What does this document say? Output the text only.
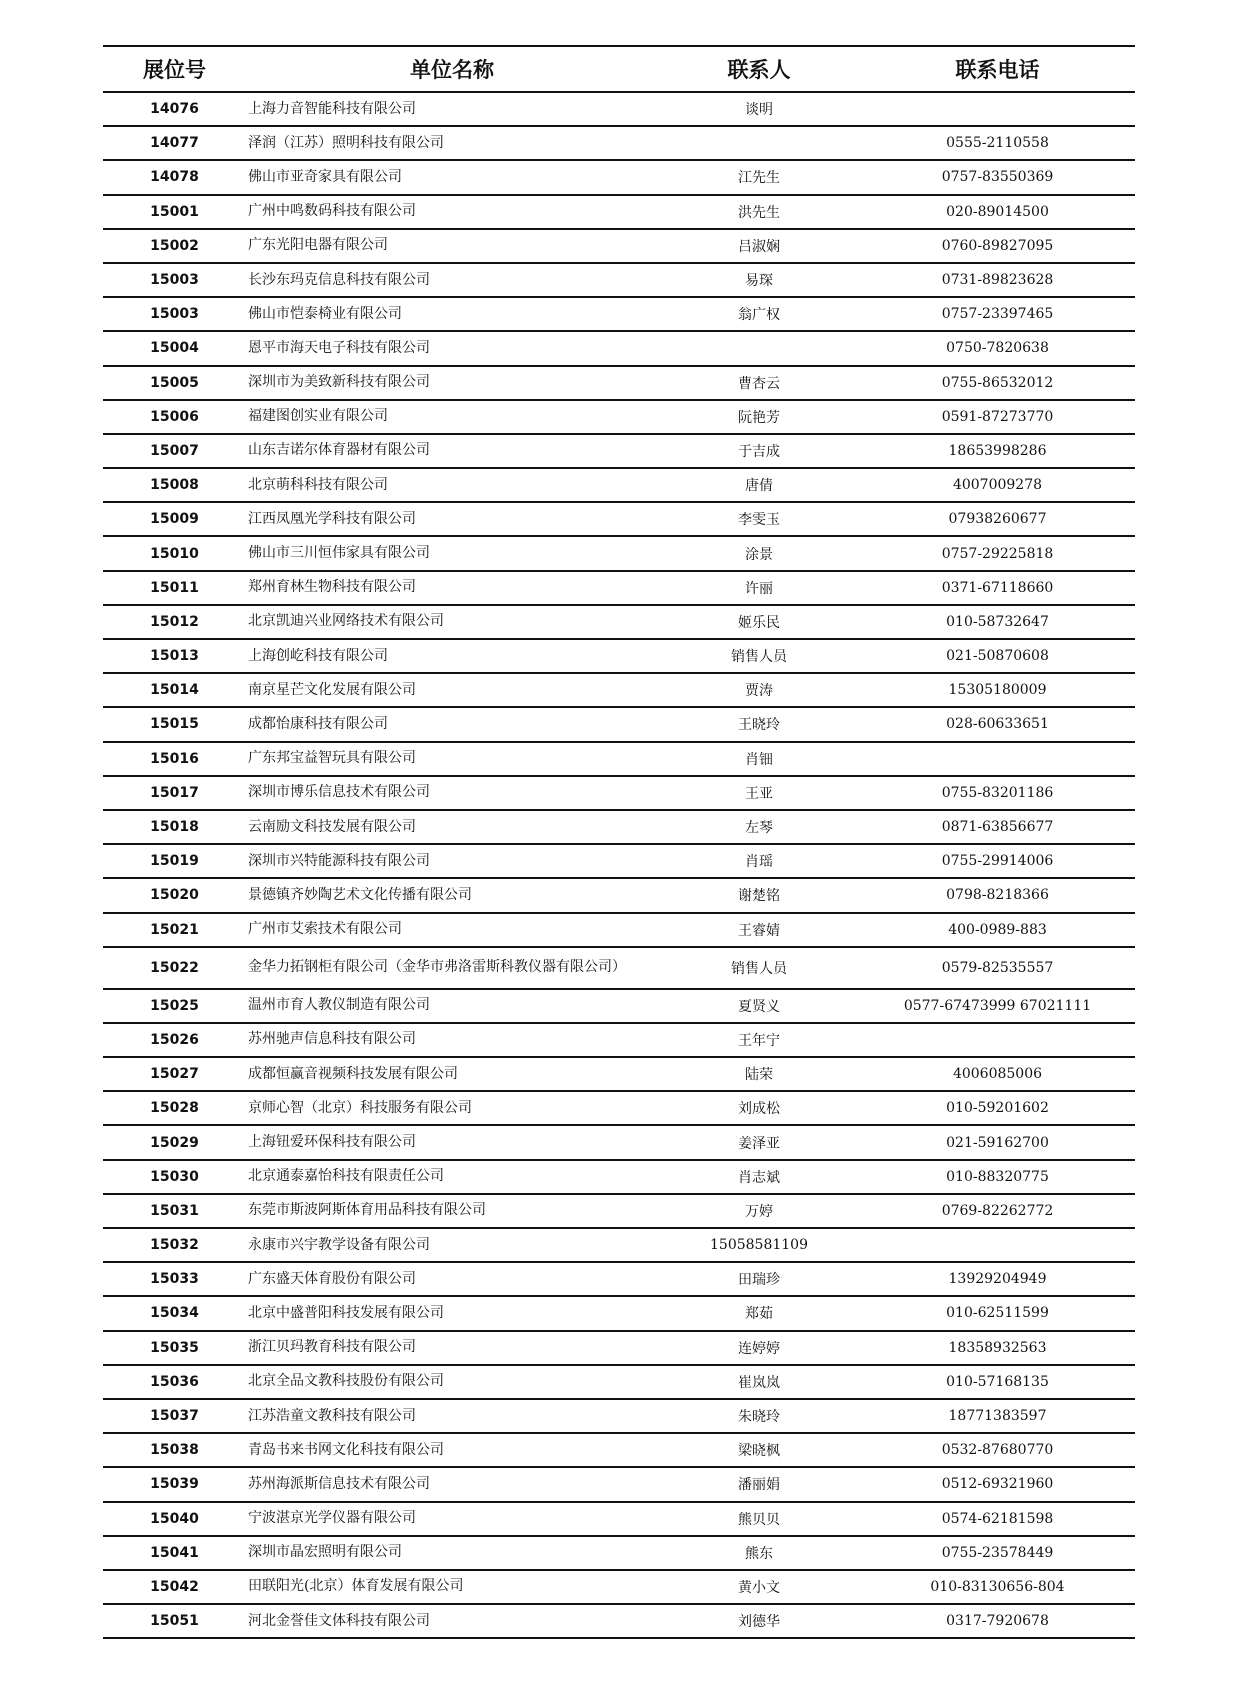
展位号	单位名称	联系人	联系电话
14076	上海力音智能科技有限公司	谈明	
14077	泽润（江苏）照明科技有限公司		0555-2110558
14078	佛山市亚奇家具有限公司	江先生	0757-83550369
15001	广州中鸣数码科技有限公司	洪先生	020-89014500
15002	广东光阳电器有限公司	吕淑娴	0760-89827095
15003	长沙东玛克信息科技有限公司	易琛	0731-89823628
15003	佛山市恺泰椅业有限公司	翁广权	0757-23397465
15004	恩平市海天电子科技有限公司		0750-7820638
15005	深圳市为美致新科技有限公司	曹杏云	0755-86532012
15006	福建图创实业有限公司	阮艳芳	0591-87273770
15007	山东吉诺尔体育器材有限公司	于吉成	18653998286
15008	北京萌科科技有限公司	唐倩	4007009278
15009	江西凤凰光学科技有限公司	李雯玉	07938260677
15010	佛山市三川恒伟家具有限公司	涂景	0757-29225818
15011	郑州育林生物科技有限公司	许丽	0371-67118660
15012	北京凯迪兴业网络技术有限公司	姬乐民	010-58732647
15013	上海创屹科技有限公司	销售人员	021-50870608
15014	南京星芒文化发展有限公司	贾涛	15305180009
15015	成都怡康科技有限公司	王晓玲	028-60633651
15016	广东邦宝益智玩具有限公司	肖钿	
15017	深圳市博乐信息技术有限公司	王亚	0755-83201186
15018	云南励文科技发展有限公司	左琴	0871-63856677
15019	深圳市兴特能源科技有限公司	肖瑶	0755-29914006
15020	景德镇齐妙陶艺术文化传播有限公司	谢楚铭	0798-8218366
15021	广州市艾索技术有限公司	王睿婧	400-0989-883
15022	金华力拓钢柜有限公司（金华市弗洛雷斯科教仪器有限公司）	销售人员	0579-82535557
15025	温州市育人教仪制造有限公司	夏贤义	0577-67473999 67021111
15026	苏州驰声信息科技有限公司	王年宁	
15027	成都恒赢音视频科技发展有限公司	陆荣	4006085006
15028	京师心智（北京）科技服务有限公司	刘成松	010-59201602
15029	上海钮爱环保科技有限公司	姜泽亚	021-59162700
15030	北京通泰嘉怡科技有限责任公司	肖志斌	010-88320775
15031	东莞市斯波阿斯体育用品科技有限公司	万婷	0769-82262772
15032	永康市兴宇教学设备有限公司	15058581109	
15033	广东盛天体育股份有限公司	田瑞珍	13929204949
15034	北京中盛普阳科技发展有限公司	郑茹	010-62511599
15035	浙江贝玛教育科技有限公司	连婷婷	18358932563
15036	北京全品文教科技股份有限公司	崔岚岚	010-57168135
15037	江苏浩童文教科技有限公司	朱晓玲	18771383597
15038	青岛书来书网文化科技有限公司	梁晓枫	0532-87680770
15039	苏州海派斯信息技术有限公司	潘丽娟	0512-69321960
15040	宁波湛京光学仪器有限公司	熊贝贝	0574-62181598
15041	深圳市晶宏照明有限公司	熊东	0755-23578449
15042	田联阳光(北京）体育发展有限公司	黄小文	010-83130656-804
15051	河北金誉佳文体科技有限公司	刘德华	0317-7920678
